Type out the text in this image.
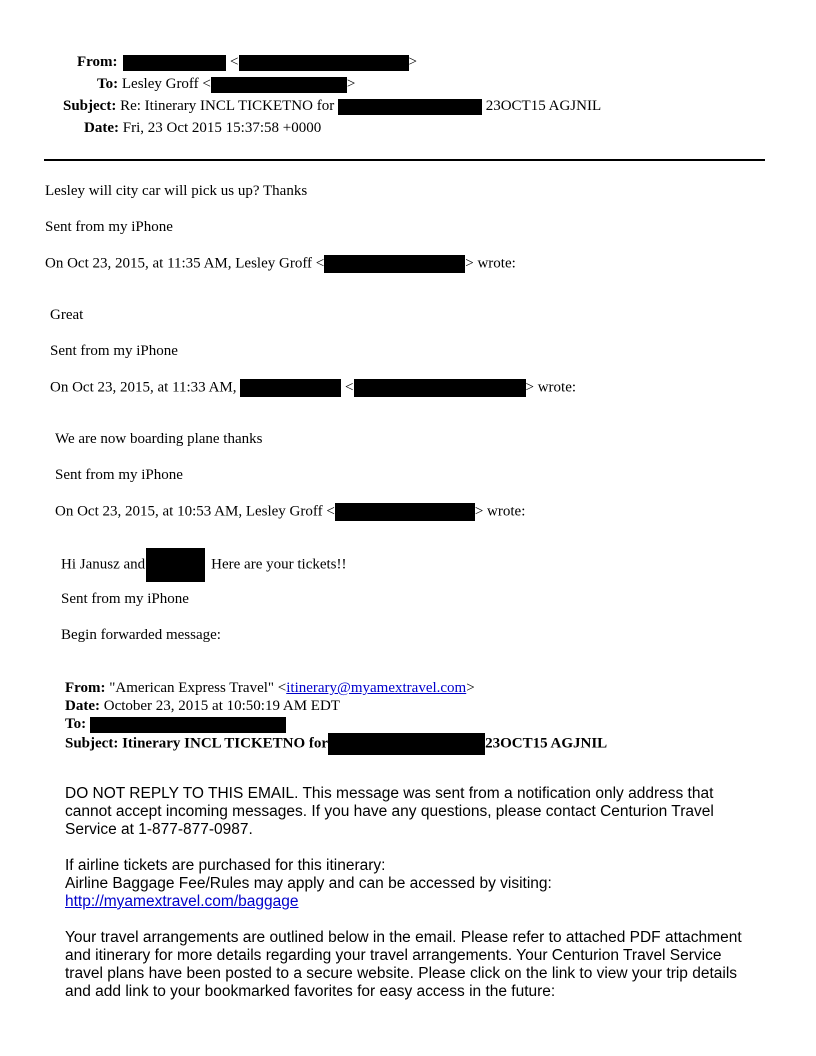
From:	<	>
To: Lesley Groff <	>
Subject: Re: Itinerary INCL TICKETNO for	23OCT15 AGJNIL
Date: Fri, 23 Oct 2015 15:37:58 +0000
Lesley will city car will pick us up? Thanks
Sent from my iPhone
On Oct 23, 2015, at 11:35 AM, Lesley Groff <	> wrote:
Great
Sent from my iPhone
On Oct 23, 2015, at 11:33 AM,	<	> wrote:
We are now boarding plane thanks
Sent from my iPhone
On Oct 23, 2015, at 10:53 AM, Lesley Groff <	> wrote:
Hi Janusz and	Here are your tickets!!
Sent from my iPhone
Begin forwarded message:
From: "American Express Travel" <itinerary@myamextravel.com>
Date: October 23, 2015 at 10:50:19 AM EDT
To:
Subject: Itinerary INCL TICKETNO for	23OCT15 AGJNIL
DO NOT REPLY TO THIS EMAIL. This message was sent from a notification only address that cannot accept incoming messages. If you have any questions, please contact Centurion Travel Service at 1-877-877-0987.
If airline tickets are purchased for this itinerary:
Airline Baggage Fee/Rules may apply and can be accessed by visiting:
http://myamextravel.com/baggage
Your travel arrangements are outlined below in the email. Please refer to attached PDF attachment and itinerary for more details regarding your travel arrangements. Your Centurion Travel Service travel plans have been posted to a secure website. Please click on the link to view your trip details and add link to your bookmarked favorites for easy access in the future:
